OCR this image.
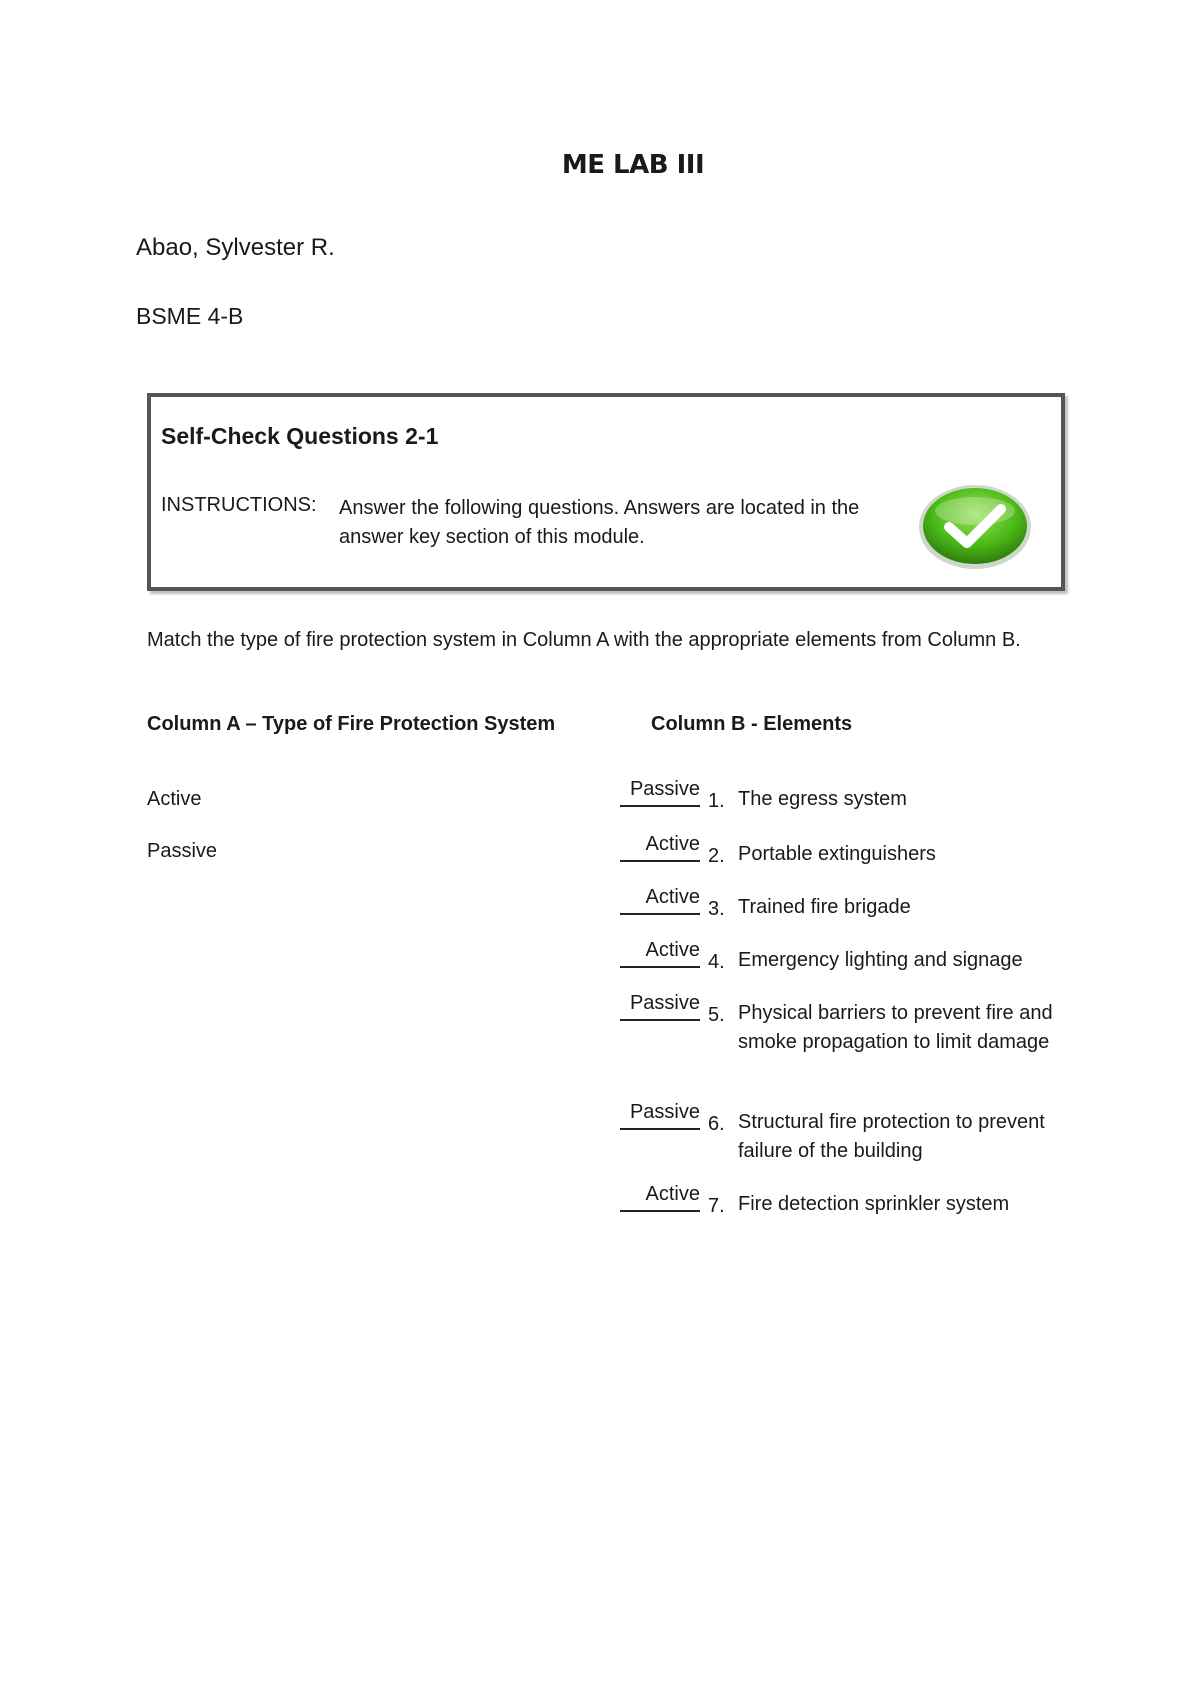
ME LAB III
Abao, Sylvester R.
BSME 4-B
Self-Check Questions 2-1
INSTRUCTIONS: Answer the following questions. Answers are located in the answer key section of this module.
Match the type of fire protection system in Column A with the appropriate elements from Column B.
Column A – Type of Fire Protection System	Column B - Elements
Active
Passive
Passive
1. The egress system
Active
2. Portable extinguishers
Active
3. Trained fire brigade
Active
4. Emergency lighting and signage
Passive
5. Physical barriers to prevent fire and smoke propagation to limit damage
Passive
6. Structural fire protection to prevent failure of the building
Active
7. Fire detection sprinkler system
